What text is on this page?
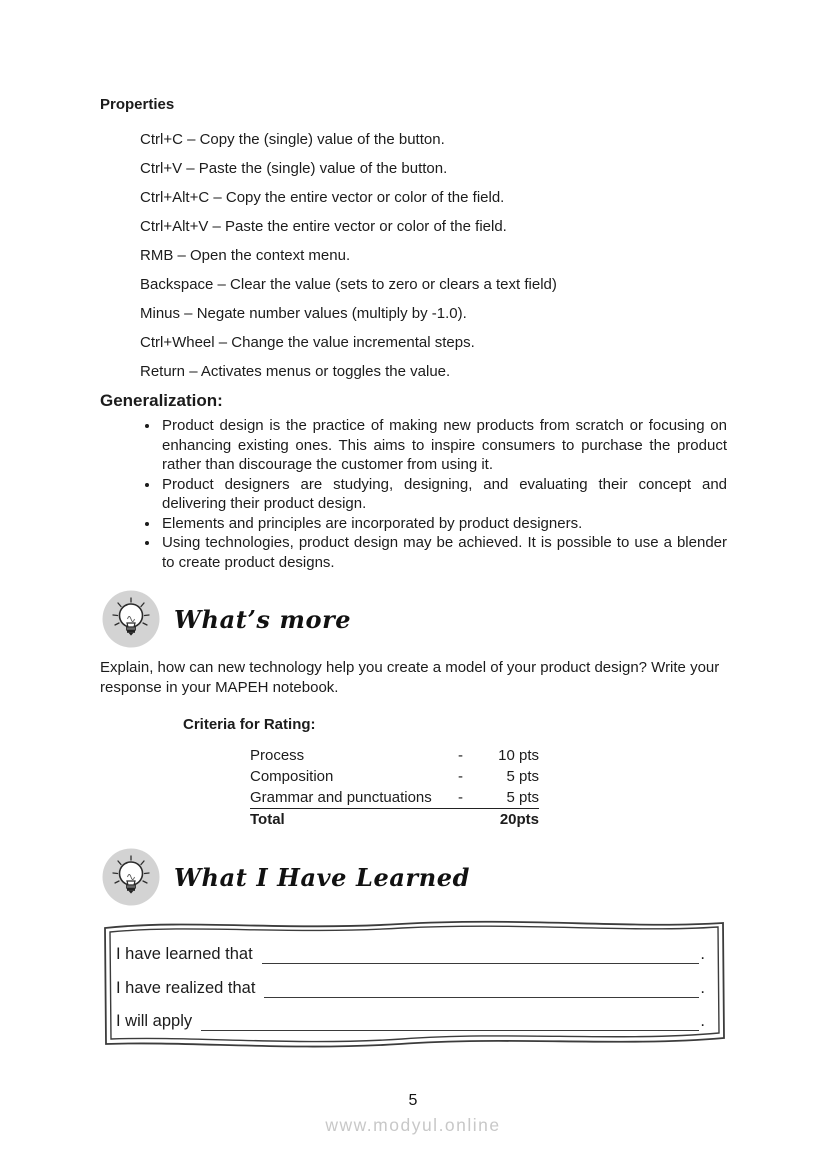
Properties

Ctrl+C – Copy the (single) value of the button.

Ctrl+V – Paste the (single) value of the button.

Ctrl+Alt+C – Copy the entire vector or color of the field.

Ctrl+Alt+V – Paste the entire vector or color of the field.

RMB – Open the context menu.

Backspace – Clear the value (sets to zero or clears a text field)

Minus – Negate number values (multiply by -1.0).

Ctrl+Wheel – Change the value incremental steps.

Return – Activates menus or toggles the value.

Generalization:
• Product design is the practice of making new products from scratch or focusing on enhancing existing ones. This aims to inspire consumers to purchase the product rather than discourage the customer from using it.
• Product designers are studying, designing, and evaluating their concept and delivering their product design.
• Elements and principles are incorporated by product designers.
• Using technologies, product design may be achieved. It is possible to use a blender to create product designs.
What’s more

Explain, how can new technology help you create a model of your product design? Write your response in your MAPEH notebook.

Criteria for Rating:

Process	-	10 pts
Composition	-	5 pts
Grammar and punctuations	-	5 pts
Total	20pts
What I Have Learned
I have learned that	.
I have realized that	.
I will apply	.
5
www.modyul.online
